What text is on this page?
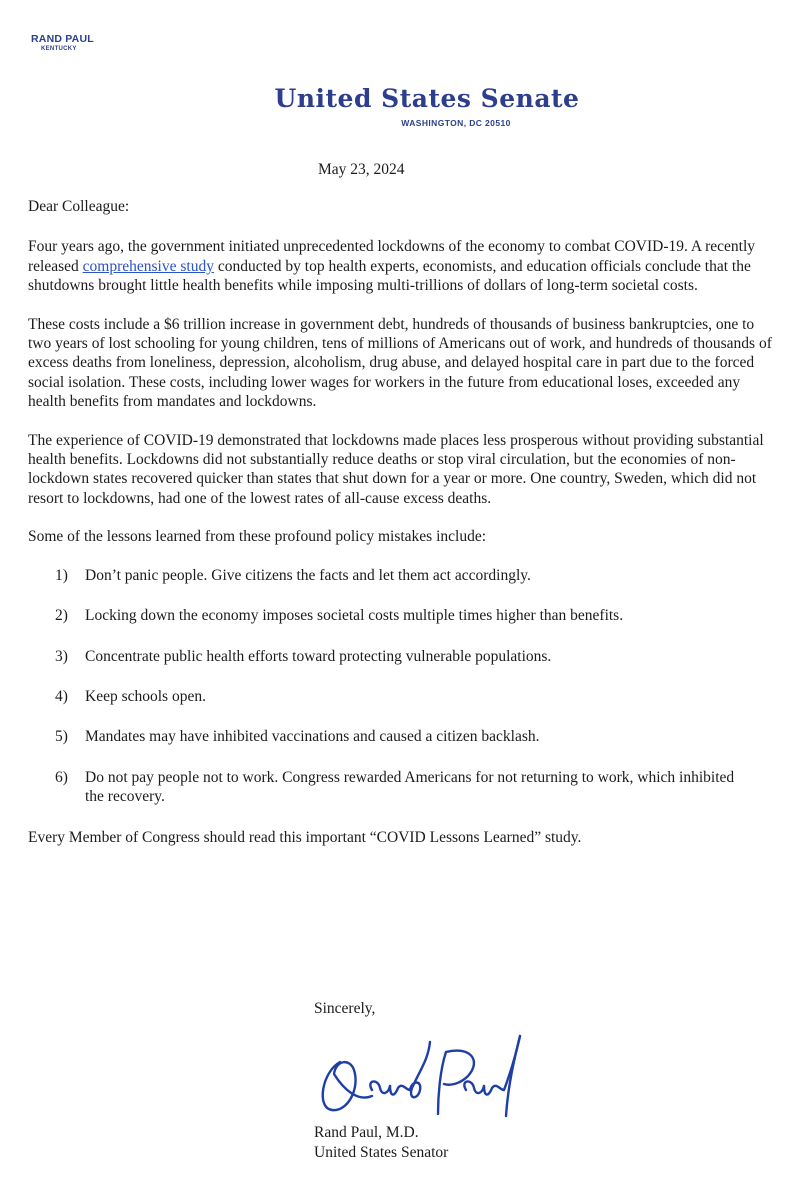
RAND PAUL
KENTUCKY
United States Senate
WASHINGTON, DC 20510
May 23, 2024

Dear Colleague:

Four years ago, the government initiated unprecedented lockdowns of the economy to combat COVID-19. A recently released comprehensive study conducted by top health experts, economists, and education officials conclude that the shutdowns brought little health benefits while imposing multi-trillions of dollars of long-term societal costs.

These costs include a $6 trillion increase in government debt, hundreds of thousands of business bankruptcies, one to two years of lost schooling for young children, tens of millions of Americans out of work, and hundreds of thousands of excess deaths from loneliness, depression, alcoholism, drug abuse, and delayed hospital care in part due to the forced social isolation. These costs, including lower wages for workers in the future from educational loses, exceeded any health benefits from mandates and lockdowns.

The experience of COVID-19 demonstrated that lockdowns made places less prosperous without providing substantial health benefits. Lockdowns did not substantially reduce deaths or stop viral circulation, but the economies of non-lockdown states recovered quicker than states that shut down for a year or more. One country, Sweden, which did not resort to lockdowns, had one of the lowest rates of all-cause excess deaths.

Some of the lessons learned from these profound policy mistakes include:

1) Don’t panic people. Give citizens the facts and let them act accordingly.
2) Locking down the economy imposes societal costs multiple times higher than benefits.
3) Concentrate public health efforts toward protecting vulnerable populations.
4) Keep schools open.
5) Mandates may have inhibited vaccinations and caused a citizen backlash.
6) Do not pay people not to work. Congress rewarded Americans for not returning to work, which inhibited the recovery.

Every Member of Congress should read this important “COVID Lessons Learned” study.

Sincerely,
Rand Paul, M.D.
United States Senator
